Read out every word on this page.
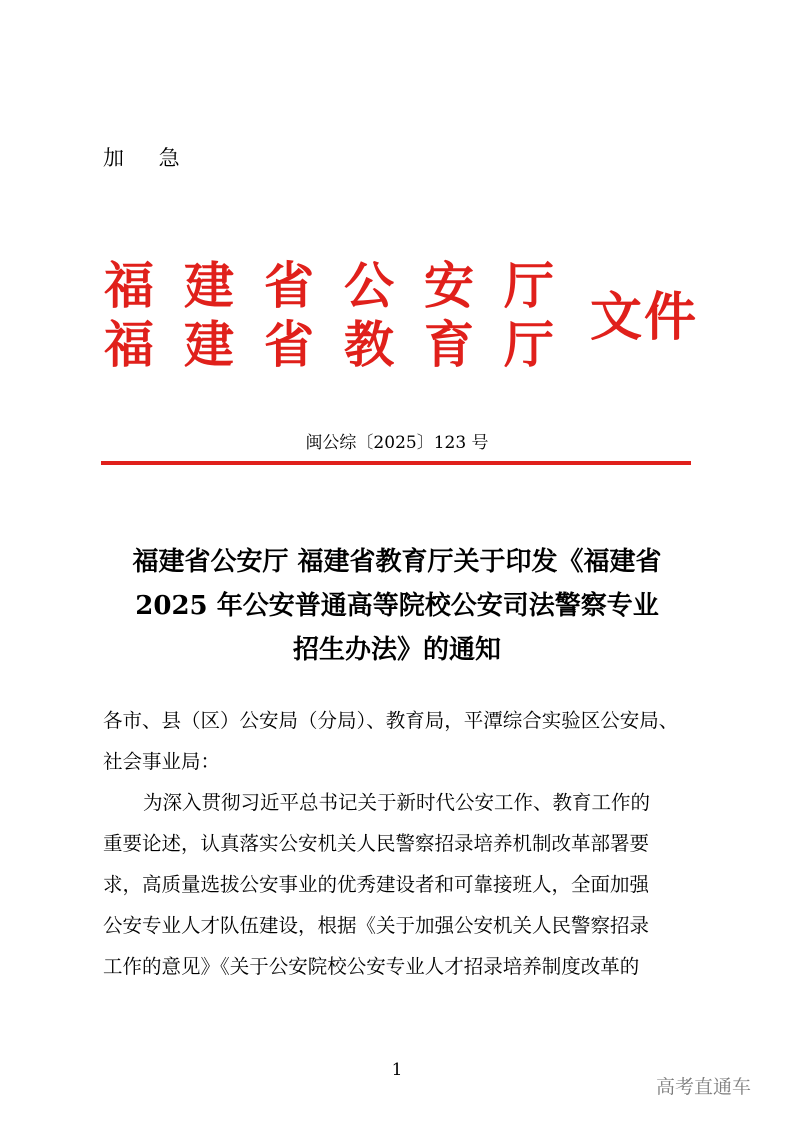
加 急
福建省公安厅
福建省教育厅 文件
闽公综〔2025〕123 号
福建省公安厅 福建省教育厅关于印发《福建省
2025 年公安普通高等院校公安司法警察专业
招生办法》的通知

各市、县（区）公安局（分局）、教育局，平潭综合实验区公安局、
社会事业局：

为深入贯彻习近平总书记关于新时代公安工作、教育工作的
重要论述，认真落实公安机关人民警察招录培养机制改革部署要
求，高质量选拔公安事业的优秀建设者和可靠接班人，全面加强
公安专业人才队伍建设，根据《关于加强公安机关人民警察招录
工作的意见》《关于公安院校公安专业人才招录培养制度改革的

1
高考直通车
